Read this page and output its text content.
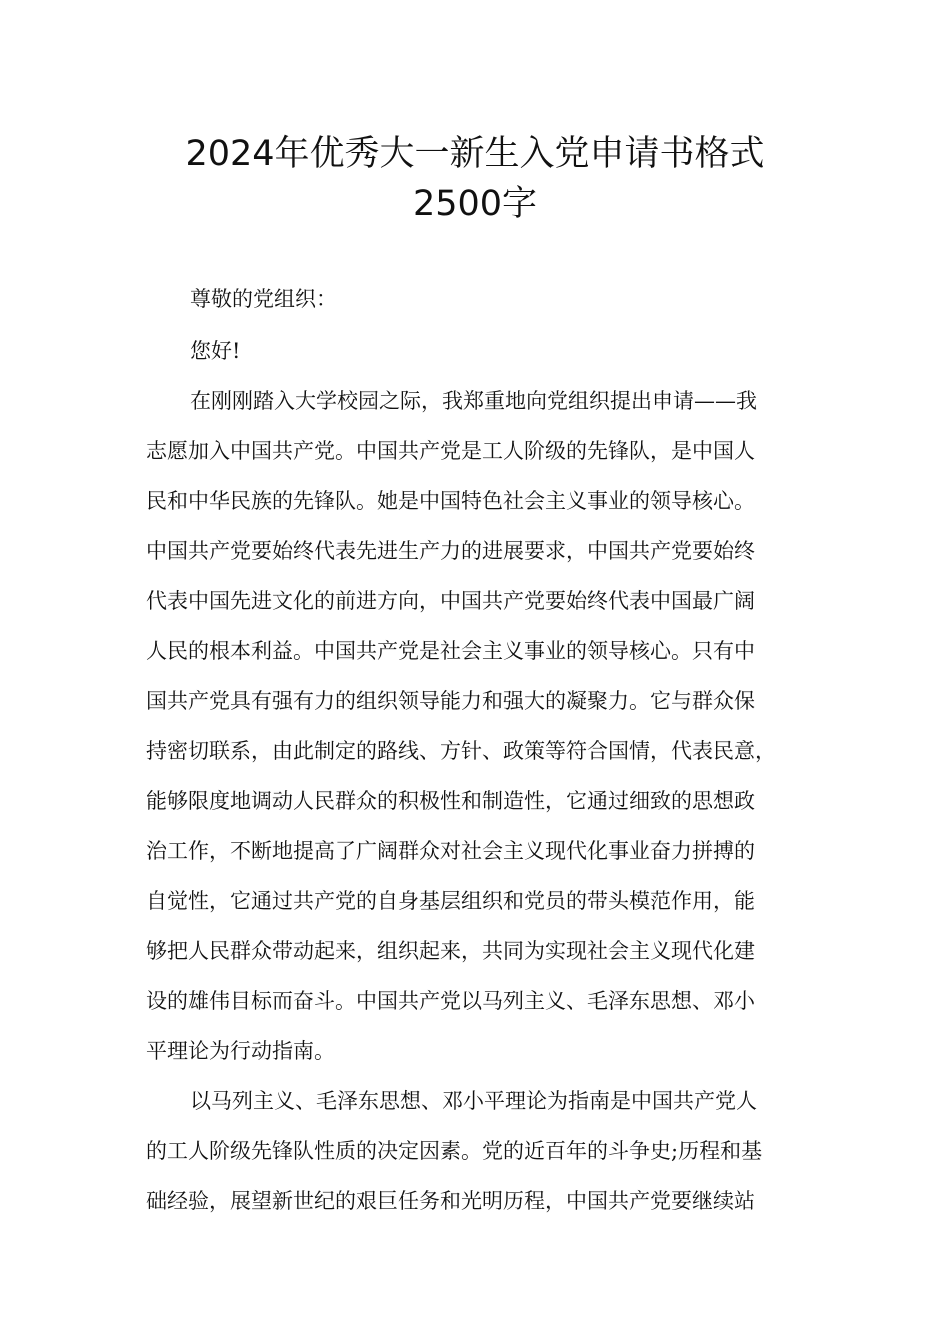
2024年优秀大一新生入党申请书格式
2500字
尊敬的党组织：
您好!
在刚刚踏入大学校园之际，我郑重地向党组织提出申请——我
志愿加入中国共产党。中国共产党是工人阶级的先锋队，是中国人
民和中华民族的先锋队。她是中国特色社会主义事业的领导核心。
中国共产党要始终代表先进生产力的进展要求，中国共产党要始终
代表中国先进文化的前进方向，中国共产党要始终代表中国最广阔
人民的根本利益。中国共产党是社会主义事业的领导核心。只有中
国共产党具有强有力的组织领导能力和强大的凝聚力。它与群众保
持密切联系，由此制定的路线、方针、政策等符合国情，代表民意，
能够限度地调动人民群众的积极性和制造性，它通过细致的思想政
治工作，不断地提高了广阔群众对社会主义现代化事业奋力拼搏的
自觉性，它通过共产党的自身基层组织和党员的带头模范作用，能
够把人民群众带动起来，组织起来，共同为实现社会主义现代化建
设的雄伟目标而奋斗。中国共产党以马列主义、毛泽东思想、邓小
平理论为行动指南。
以马列主义、毛泽东思想、邓小平理论为指南是中国共产党人
的工人阶级先锋队性质的决定因素。党的近百年的斗争史;历程和基
础经验，展望新世纪的艰巨任务和光明历程，中国共产党要继续站
